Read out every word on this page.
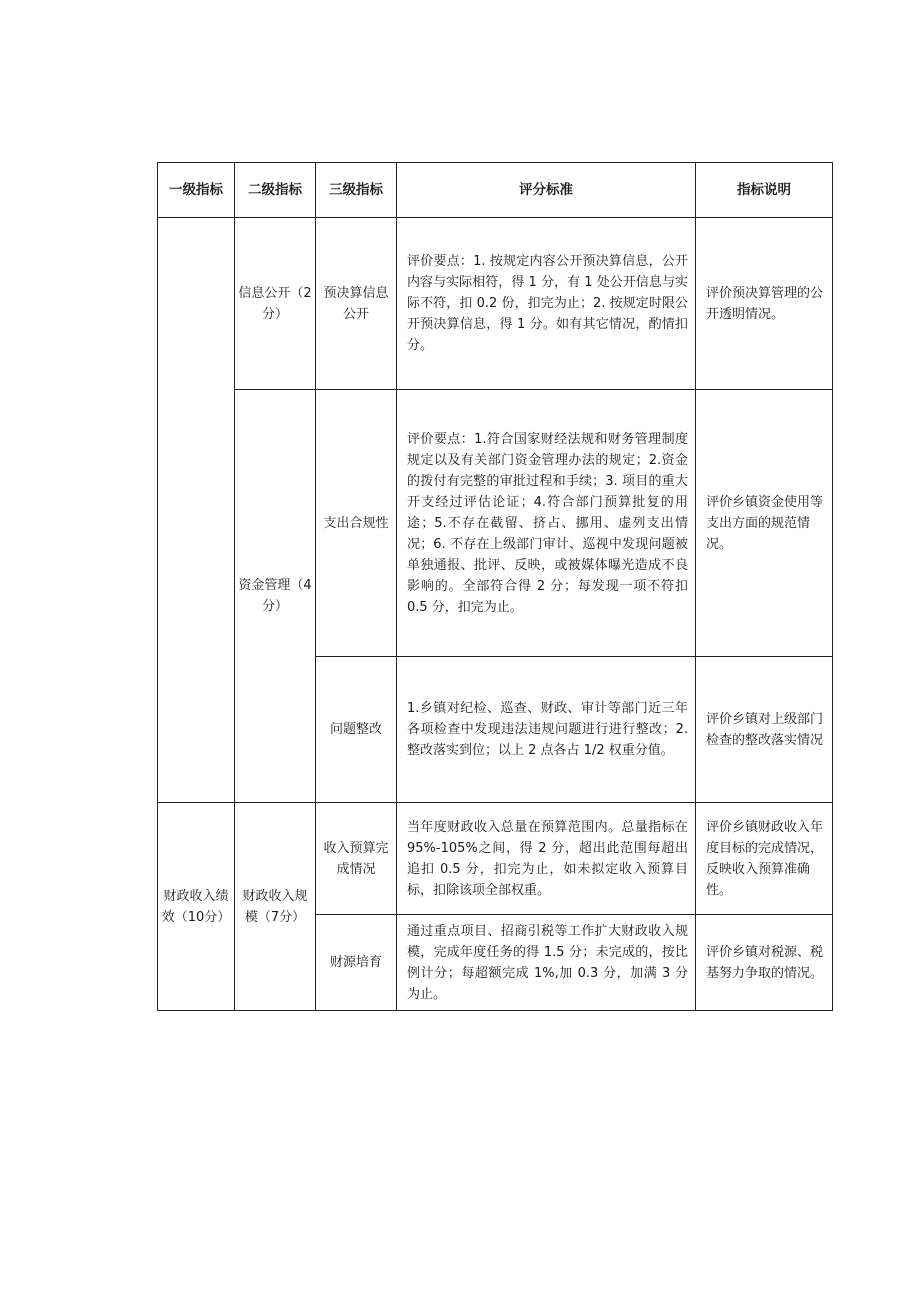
一级指标	二级指标	三级指标	评分标准	指标说明
	信息公开（2分）	预决算信息公开	评价要点：1. 按规定内容公开预决算信息，公开内容与实际相符，得 1 分，有 1 处公开信息与实际不符，扣 0.2 份，扣完为止；2. 按规定时限公开预决算信息，得 1 分。如有其它情况，酌情扣分。	评价预决算管理的公开透明情况。
	资金管理（4分）	支出合规性	评价要点：1.符合国家财经法规和财务管理制度规定以及有关部门资金管理办法的规定；2.资金的拨付有完整的审批过程和手续；3. 项目的重大开支经过评估论证；4.符合部门预算批复的用途；5.不存在截留、挤占、挪用、虚列支出情况；6. 不存在上级部门审计、巡视中发现问题被单独通报、批评、反映，或被媒体曝光造成不良影响的。全部符合得 2 分；每发现一项不符扣 0.5 分，扣完为止。	评价乡镇资金使用等支出方面的规范情况。
		问题整改	1.乡镇对纪检、巡查、财政、审计等部门近三年各项检查中发现违法违规问题进行进行整改；2. 整改落实到位；以上 2 点各占 1/2 权重分值。	评价乡镇对上级部门检查的整改落实情况
财政收入绩效（10分）	财政收入规模（7分）	收入预算完成情况	当年度财政收入总量在预算范围内。总量指标在 95%-105%之间，得 2 分，超出此范围每超出追扣 0.5 分，扣完为止，如未拟定收入预算目标，扣除该项全部权重。	评价乡镇财政收入年度目标的完成情况，反映收入预算准确性。
		财源培育	通过重点项目、招商引税等工作扩大财政收入规模，完成年度任务的得 1.5 分；未完成的，按比例计分；每超额完成 1%,加 0.3 分，加满 3 分为止。	评价乡镇对税源、税基努力争取的情况。
